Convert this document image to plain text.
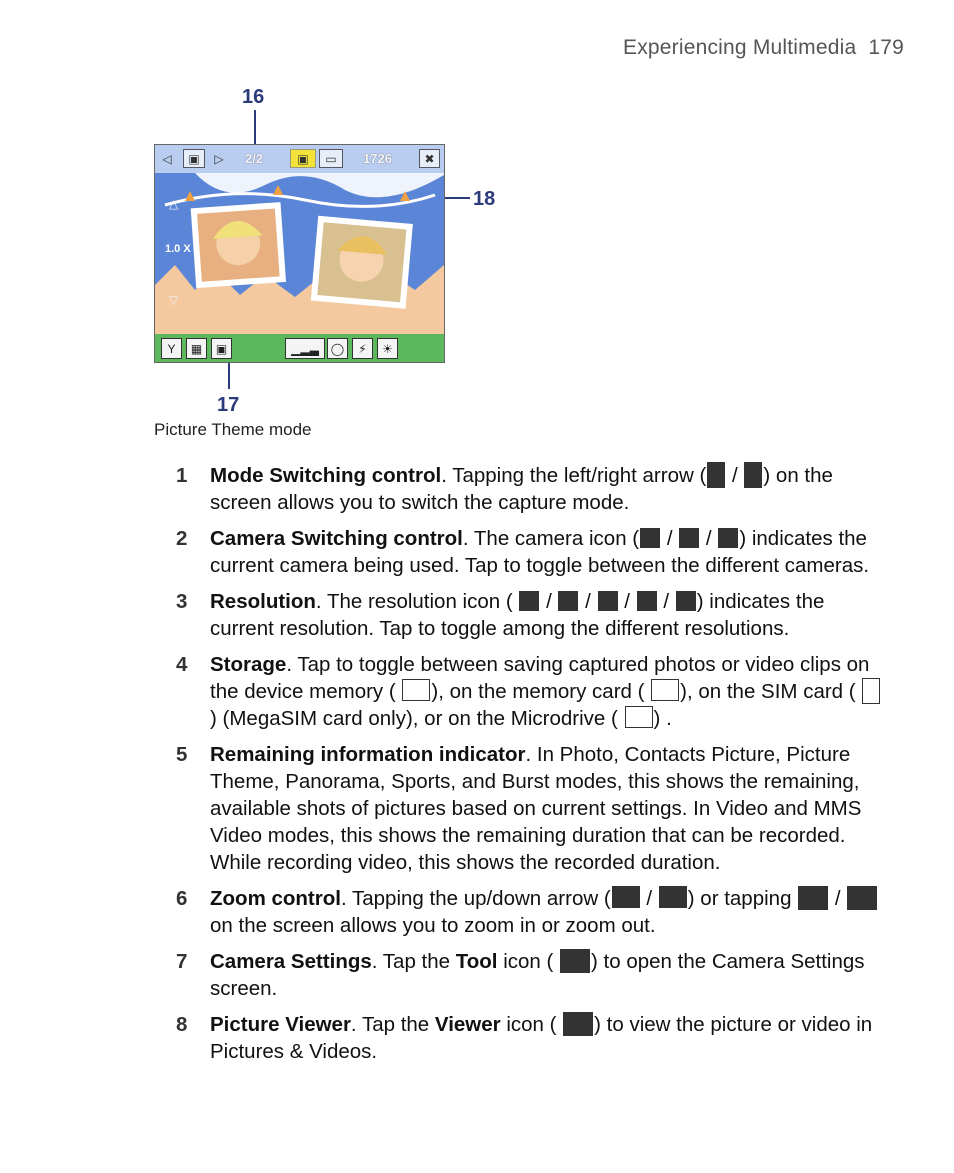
Experiencing Multimedia 179
16
18
17
◁	▣	▷ 2/2	▣	▭	1726	✖
△
1.0 X
▽
Y	▦	▣	▁▂▃ ◯	⚡	☀
Picture Theme mode
1 Mode Switching control. Tapping the left/right arrow ( / ) on the screen allows you to switch the capture mode.
2 Camera Switching control. The camera icon ( /  / ) indicates the current camera being used. Tap to toggle between the different cameras.
3 Resolution. The resolution icon (  /  /  /  / ) indicates the current resolution. Tap to toggle among the different resolutions.
4 Storage. Tap to toggle between saving captured photos or video clips on the device memory ( ), on the memory card ( ), on the SIM card ( ) (MegaSIM card only), or on the Microdrive ( ) .
5 Remaining information indicator. In Photo, Contacts Picture, Picture Theme, Panorama, Sports, and Burst modes, this shows the remaining, available shots of pictures based on current settings. In Video and MMS Video modes, this shows the remaining duration that can be recorded. While recording video, this shows the recorded duration.
6 Zoom control. Tapping the up/down arrow ( / ) or tapping  /  on the screen allows you to zoom in or zoom out.
7 Camera Settings. Tap the Tool icon ( ) to open the Camera Settings screen.
8 Picture Viewer. Tap the Viewer icon ( ) to view the picture or video in Pictures & Videos.
